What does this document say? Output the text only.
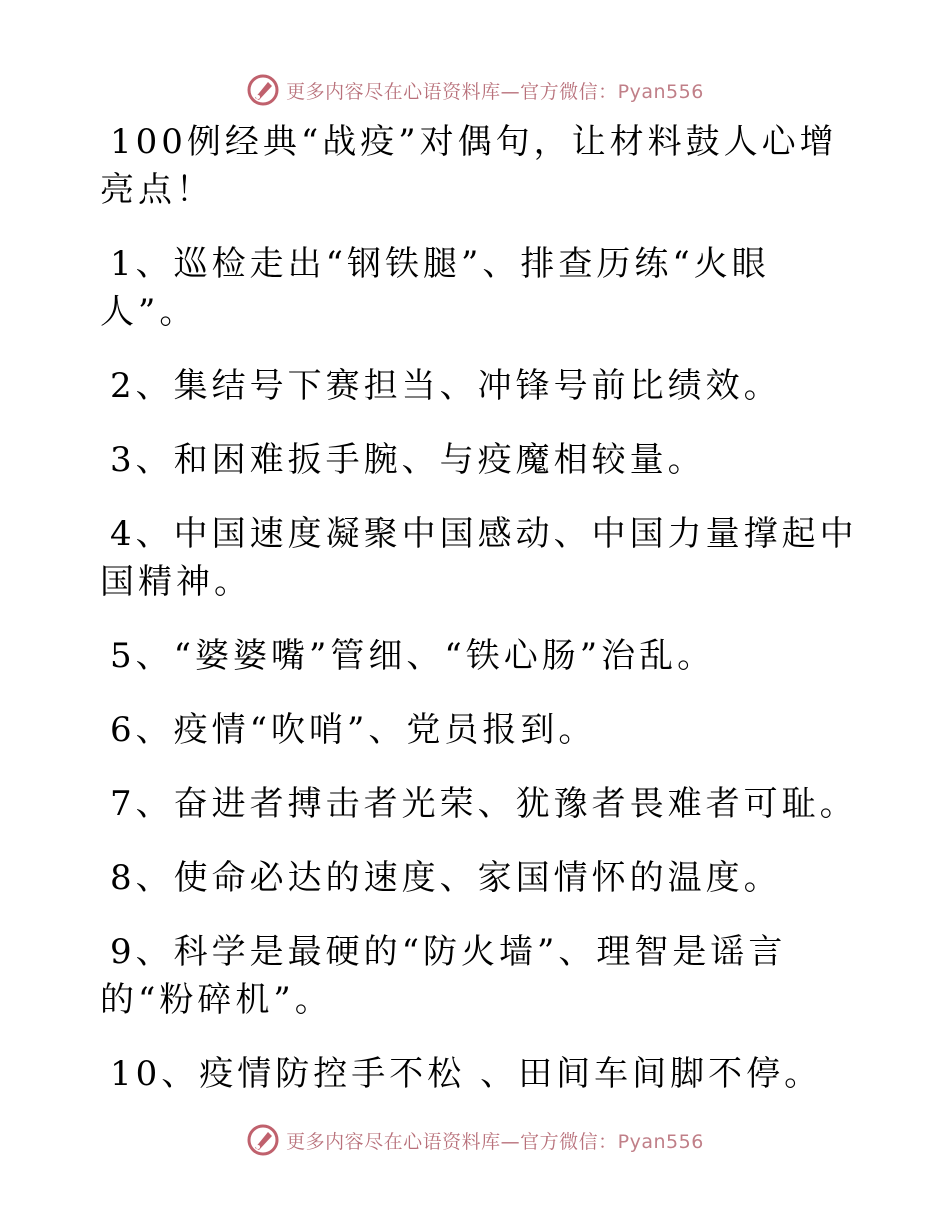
更多内容尽在心语资料库—官方微信：Pyan556

100例经典“战疫”对偶句，让材料鼓人心增亮点！

1、巡检走出“钢铁腿”、排查历练“火眼人”。

2、集结号下赛担当、冲锋号前比绩效。

3、和困难扳手腕、与疫魔相较量。

4、中国速度凝聚中国感动、中国力量撑起中国精神。

5、“婆婆嘴”管细、“铁心肠”治乱。

6、疫情“吹哨”、党员报到。

7、奋进者搏击者光荣、犹豫者畏难者可耻。

8、使命必达的速度、家国情怀的温度。

9、科学是最硬的“防火墙”、理智是谣言的“粉碎机”。

10、疫情防控手不松 、田间车间脚不停。

更多内容尽在心语资料库—官方微信：Pyan556
